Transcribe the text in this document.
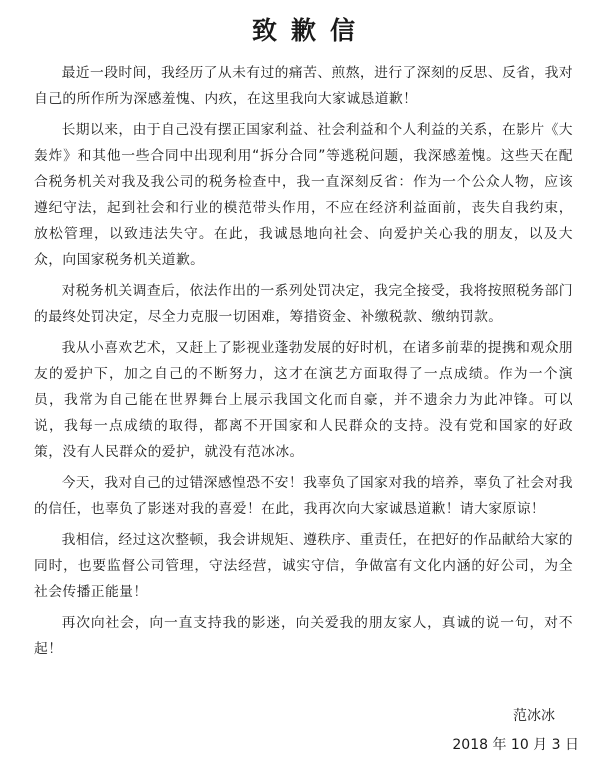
致歉信

最近一段时间，我经历了从未有过的痛苦、煎熬，进行了深刻的反思、反省，我对自己的所作所为深感羞愧、内疚，在这里我向大家诚恳道歉！

长期以来，由于自己没有摆正国家利益、社会利益和个人利益的关系，在影片《大轰炸》和其他一些合同中出现利用“拆分合同”等逃税问题，我深感羞愧。这些天在配合税务机关对我及我公司的税务检查中，我一直深刻反省：作为一个公众人物，应该遵纪守法，起到社会和行业的模范带头作用，不应在经济利益面前，丧失自我约束，放松管理，以致违法失守。在此，我诚恳地向社会、向爱护关心我的朋友，以及大众，向国家税务机关道歉。

对税务机关调查后，依法作出的一系列处罚决定，我完全接受，我将按照税务部门的最终处罚决定，尽全力克服一切困难，筹措资金、补缴税款、缴纳罚款。

我从小喜欢艺术，又赶上了影视业蓬勃发展的好时机，在诸多前辈的提携和观众朋友的爱护下，加之自己的不断努力，这才在演艺方面取得了一点成绩。作为一个演员，我常为自己能在世界舞台上展示我国文化而自豪，并不遗余力为此冲锋。可以说，我每一点成绩的取得，都离不开国家和人民群众的支持。没有党和国家的好政策，没有人民群众的爱护，就没有范冰冰。

今天，我对自己的过错深感惶恐不安！我辜负了国家对我的培养，辜负了社会对我的信任，也辜负了影迷对我的喜爱！在此，我再次向大家诚恳道歉！请大家原谅！

我相信，经过这次整顿，我会讲规矩、遵秩序、重责任，在把好的作品献给大家的同时，也要监督公司管理，守法经营，诚实守信，争做富有文化内涵的好公司，为全社会传播正能量！

再次向社会，向一直支持我的影迷，向关爱我的朋友家人，真诚的说一句，对不起！

范冰冰
2018 年 10 月 3 日
